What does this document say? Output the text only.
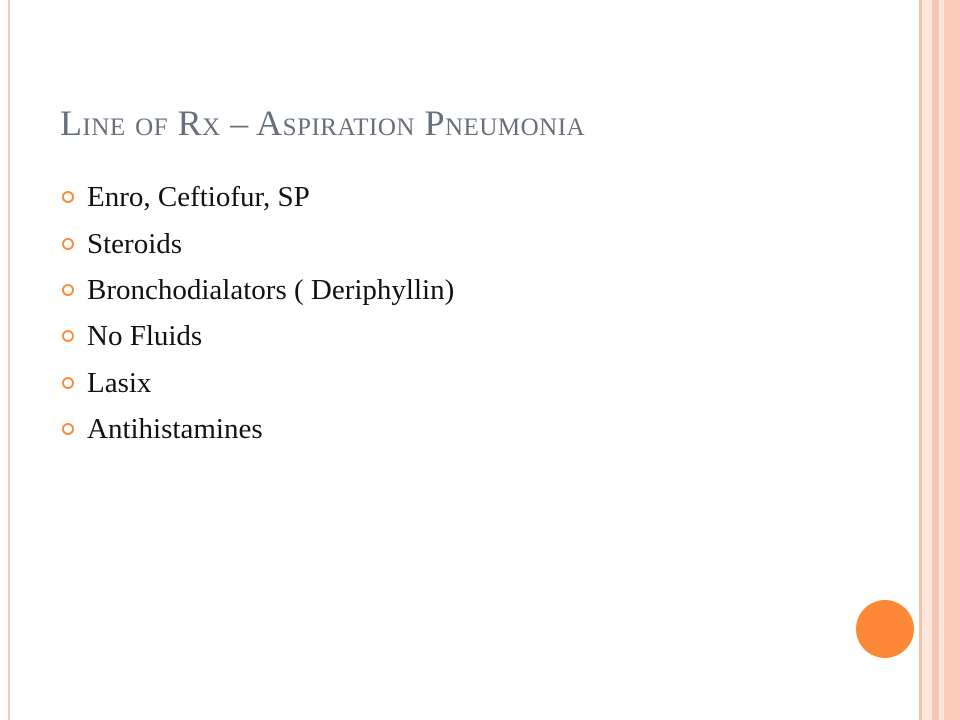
Line of Rx – Aspiration Pneumonia
Enro, Ceftiofur, SP
Steroids
Bronchodialators ( Deriphyllin)
No Fluids
Lasix
Antihistamines
